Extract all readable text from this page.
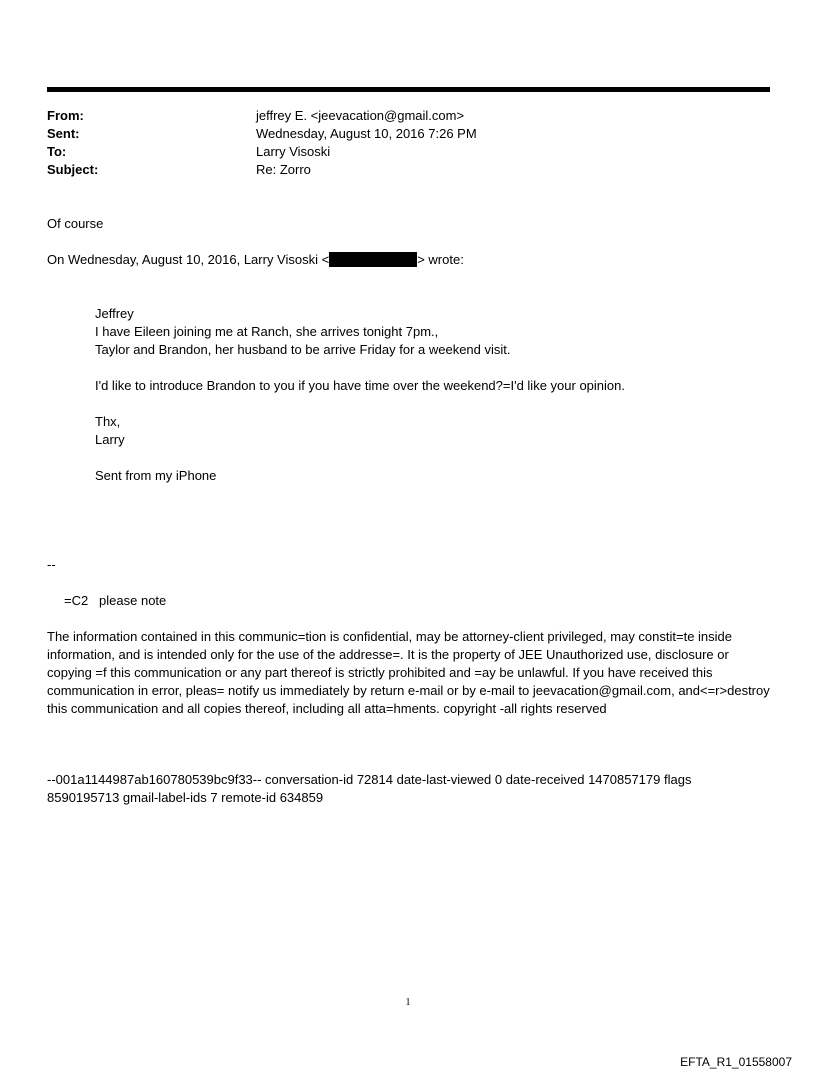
From:	jeffrey E. <jeevacation@gmail.com>
Sent:	Wednesday, August 10, 2016 7:26 PM
To:	Larry Visoski
Subject:	Re: Zorro
Of course
On Wednesday, August 10, 2016, Larry Visoski <	> wrote:
Jeffrey
I have Eileen joining me at Ranch, she arrives tonight 7pm.,
Taylor and Brandon, her husband to be arrive Friday for a weekend visit.
I'd like to introduce Brandon to you if you have time over the weekend?=I'd like your opinion.
Thx,
Larry
Sent from my iPhone
--
=C2   please note
The information contained in this communic=tion is confidential, may be attorney-client privileged, may constit=te inside information, and is intended only for the use of the addresse=. It is the property of JEE Unauthorized use, disclosure or copying =f this communication or any part thereof is strictly prohibited and =ay be unlawful. If you have received this communication in error, pleas= notify us immediately by return e-mail or by e-mail to jeevacation@gmail.com, and<=r>destroy this communication and all copies thereof, including all atta=hments. copyright -all rights reserved
--001a1144987ab160780539bc9f33-- conversation-id 72814 date-last-viewed 0 date-received 1470857179 flags 8590195713 gmail-label-ids 7 remote-id 634859
1
EFTA_R1_01558007
